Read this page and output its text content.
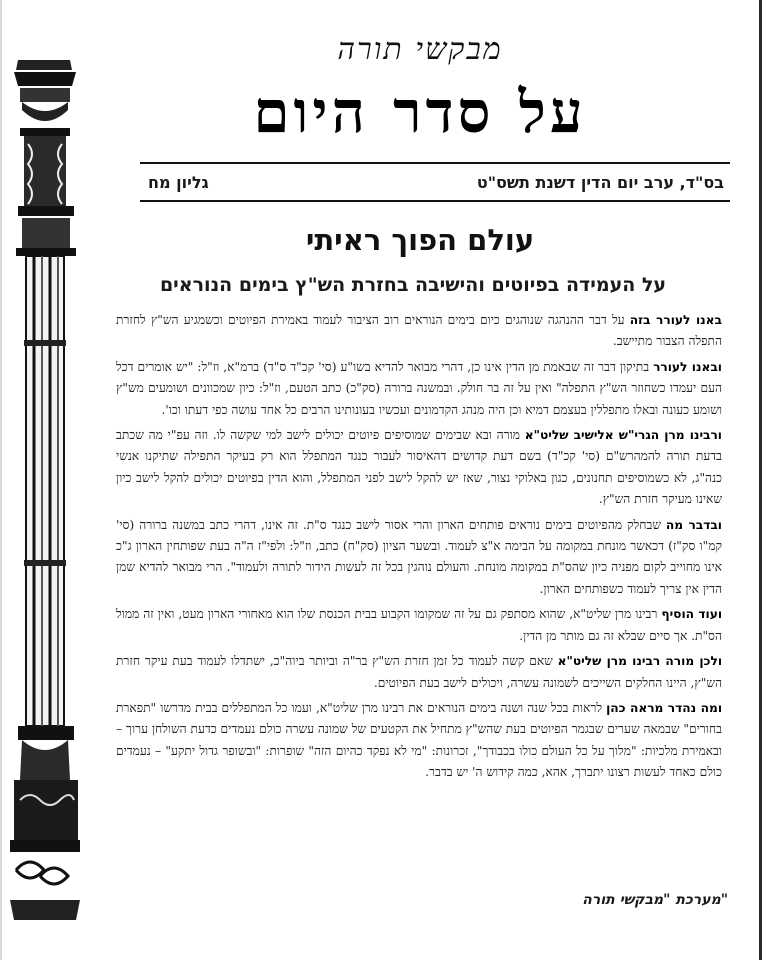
מבקשי תורה
על סדר היום
בס"ד, ערב יום הדין דשנת תשס"ט
גליון מח
עולם הפוך ראיתי
על העמידה בפיוטים והישיבה בחזרת הש"ץ בימים הנוראים

באנו לעורר בזה על דבר ההנהגה שנוהגים כיום בימים הנוראים רוב הציבור לעמוד באמירת הפיוטים וכשמגיע הש"ץ לחזרת התפלה הצבור מתיישב.

ובאנו לעורר בתיקון דבר זה שבאמת מן הדין אינו כן, דהרי מבואר להדיא בשו"ע (סי' קכ"ד ס"ד) ברמ"א, וז"ל: "יש אומרים דכל העם יעמדו כשחוזר הש"ץ התפלה" ואין על זה בר חולק. ובמשנה ברורה (סק"כ) כתב הטעם, וז"ל: כיון שמכוונים ושומעים מש"ץ ושומע כעונה ובאלו מתפללין בעצמם דמיא וכן היה מנהג הקדמונים ועכשיו בעונותינו הרבים כל אחד עושה כפי דעתו וכו'.

ורבינו מרן הגרי"ש אלישיב שליט"א מורה ובא שבימים שמוסיפים פיוטים יכולים לישב למי שקשה לו. וזה עפ"י מה שכתב בדעת תורה להמהרש"ם (סי' קכ"ד) בשם דעת קדושים דהאיסור לעבור כנגד המתפלל הוא רק בעיקר התפילה שתיקנו אנשי כנה"ג, לא כשמוסיפים תחנונים, כגון באלוקי נצור, שאז יש להקל לישב לפני המתפלל, והוא הדין בפיוטים יכולים להקל לישב כיון שאינו מעיקר חזרת הש"ץ.

ובדבר מה שבחלק מהפיוטים בימים נוראים פותחים הארון והרי אסור לישב כנגד ס"ת. זה אינו, דהרי כתב במשנה ברורה (סי' קמ"ו סק"ז) דכאשר מונחת במקומה על הבימה א"צ לעמוד. ובשער הציון (סק"ח) כתב, וז"ל: ולפי"ז ה"ה בעת שפותחין הארון ג"כ אינו מחוייב לקום מפניה כיון שהס"ת במקומה מונחת. והעולם נוהגין בכל זה לעשות הידור לתורה ולעמוד". הרי מבואר להדיא שמן הדין אין צריך לעמוד כשפותחים הארון.

ועוד הוסיף רבינו מרן שליט"א, שהוא מסתפק גם על זה שמקומו הקבוע בבית הכנסת שלו הוא מאחורי הארון מעט, ואין זה ממול הס"ת. אך סיים שבלא זה גם מותר מן הדין.

ולכן מורה רבינו מרן שליט"א שאם קשה לעמוד כל זמן חזרת הש"ץ בר"ה וביותר ביוה"כ, ישתדלו לעמוד בעת עיקר חזרת הש"ץ, היינו החלקים השייכים לשמונה עשרה, ויכולים לישב בעת הפיוטים.

ומה נהדר מראה כהן לראות בכל שנה ושנה בימים הנוראים את רבינו מרן שליט"א, ועמו כל המתפללים בבית מדרשו "תפארת בחורים" שבמאה שערים שבגמר הפיוטים בעת שהש"ץ מתחיל את הקטעים של שמונה עשרה כולם נעמדים כדעת השולחן ערוך – ובאמירת מלכיות: "מלוך על כל העולם כולו בכבודך", זכרונות: "מי לא נפקד כהיום הזה" שופרות: "ובשופר גדול יתקע" – נעמדים כולם כאחד לעשות רצונו יתברך, אהא, כמה קידוש ה' יש בדבר.

מערכת "מבקשי תורה"
